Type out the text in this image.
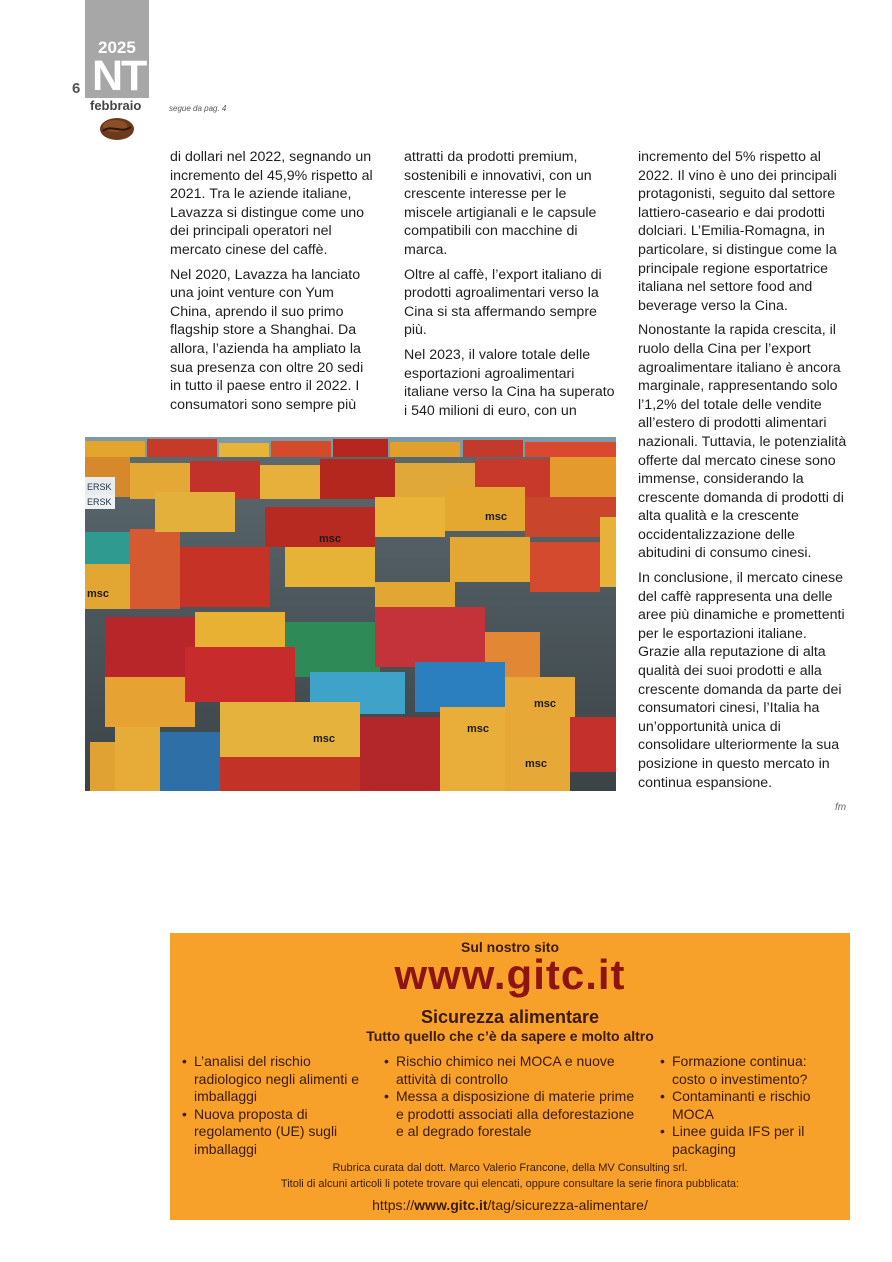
6
2025
NT
febbraio	segue da pag. 4

di dollari nel 2022, segnando un incremento del 45,9% rispetto al 2021. Tra le aziende italiane, Lavazza si distingue come uno dei principali operatori nel mercato cinese del caffè.

Nel 2020, Lavazza ha lanciato una joint venture con Yum China, aprendo il suo primo flagship store a Shanghai. Da allora, l’azienda ha ampliato la sua presenza con oltre 20 sedi in tutto il paese entro il 2022. I consumatori sono sempre più

attratti da prodotti premium, sostenibili e innovativi, con un crescente interesse per le miscele artigianali e le capsule compatibili con macchine di marca.

Oltre al caffè, l’export italiano di prodotti agroalimentari verso la Cina si sta affermando sempre più.

Nel 2023, il valore totale delle esportazioni agroalimentari italiane verso la Cina ha superato i 540 milioni di euro, con un

incremento del 5% rispetto al 2022. Il vino è uno dei principali protagonisti, seguito dal settore lattiero-caseario e dai prodotti dolciari. L’Emilia-Romagna, in particolare, si distingue come la principale regione esportatrice italiana nel settore food and beverage verso la Cina.

Nonostante la rapida crescita, il ruolo della Cina per l’export agroalimentare italiano è ancora marginale, rappresentando solo l’1,2% del totale delle vendite all’estero di prodotti alimentari nazionali. Tuttavia, le potenzialità offerte dal mercato cinese sono immense, considerando la crescente domanda di prodotti di alta qualità e la crescente occidentalizzazione delle abitudini di consumo cinesi.

In conclusione, il mercato cinese del caffè rappresenta una delle aree più dinamiche e promettenti per le esportazioni italiane. Grazie alla reputazione di alta qualità dei suoi prodotti e alla crescente domanda da parte dei consumatori cinesi, l’Italia ha un’opportunità unica di consolidare ulteriormente la sua posizione in questo mercato in continua espansione.

ERSK
ERSK
msc
msc
msc
msc
msc
msc
msc
fm
Sul nostro sito
www.gitc.it
Sicurezza alimentare
Tutto quello che c’è da sapere e molto altro
• L’analisi del rischio radiologico negli alimenti e imballaggi
• Nuova proposta di regolamento (UE) sugli imballaggi
• Rischio chimico nei MOCA e nuove attività di controllo
• Messa a disposizione di materie prime e prodotti associati alla deforestazione e al degrado forestale
• Formazione continua: costo o investimento?
• Contaminanti e rischio MOCA
• Linee guida IFS per il packaging
Rubrica curata dal dott. Marco Valerio Francone, della MV Consulting srl.
Titoli di alcuni articoli li potete trovare qui elencati, oppure consultare la serie finora pubblicata:
https://www.gitc.it/tag/sicurezza-alimentare/
